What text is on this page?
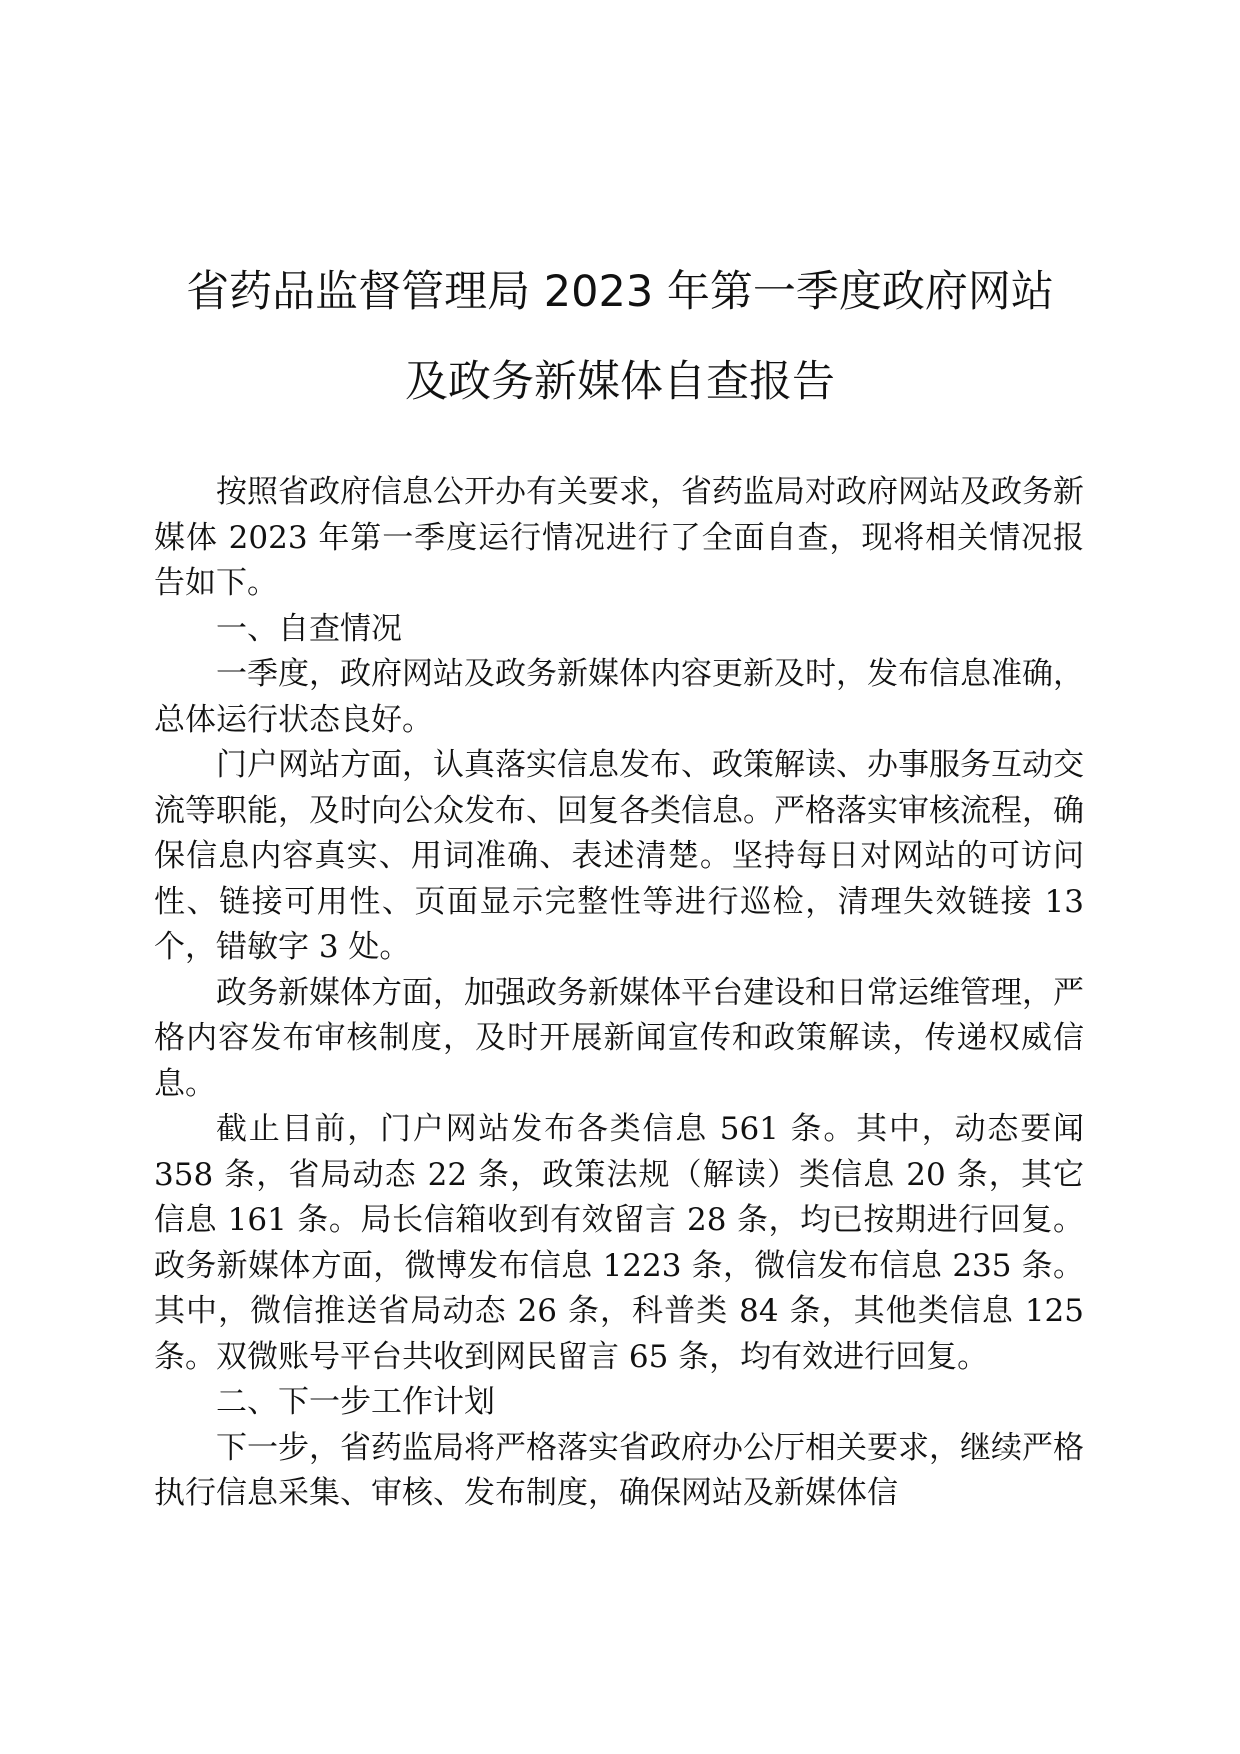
省药品监督管理局 2023 年第一季度政府网站
及政务新媒体自查报告

按照省政府信息公开办有关要求，省药监局对政府网站及政务新媒体 2023 年第一季度运行情况进行了全面自查，现将相关情况报告如下。

一、自查情况

一季度，政府网站及政务新媒体内容更新及时，发布信息准确，总体运行状态良好。

门户网站方面，认真落实信息发布、政策解读、办事服务互动交流等职能，及时向公众发布、回复各类信息。严格落实审核流程，确保信息内容真实、用词准确、表述清楚。坚持每日对网站的可访问性、链接可用性、页面显示完整性等进行巡检，清理失效链接 13 个，错敏字 3 处。

政务新媒体方面，加强政务新媒体平台建设和日常运维管理，严格内容发布审核制度，及时开展新闻宣传和政策解读，传递权威信息。

截止目前，门户网站发布各类信息 561 条。其中，动态要闻 358 条，省局动态 22 条，政策法规（解读）类信息 20 条，其它信息 161 条。局长信箱收到有效留言 28 条，均已按期进行回复。政务新媒体方面，微博发布信息 1223 条，微信发布信息 235 条。其中，微信推送省局动态 26 条，科普类 84 条，其他类信息 125 条。双微账号平台共收到网民留言 65 条，均有效进行回复。

二、下一步工作计划

下一步，省药监局将严格落实省政府办公厅相关要求，继续严格执行信息采集、审核、发布制度，确保网站及新媒体信
